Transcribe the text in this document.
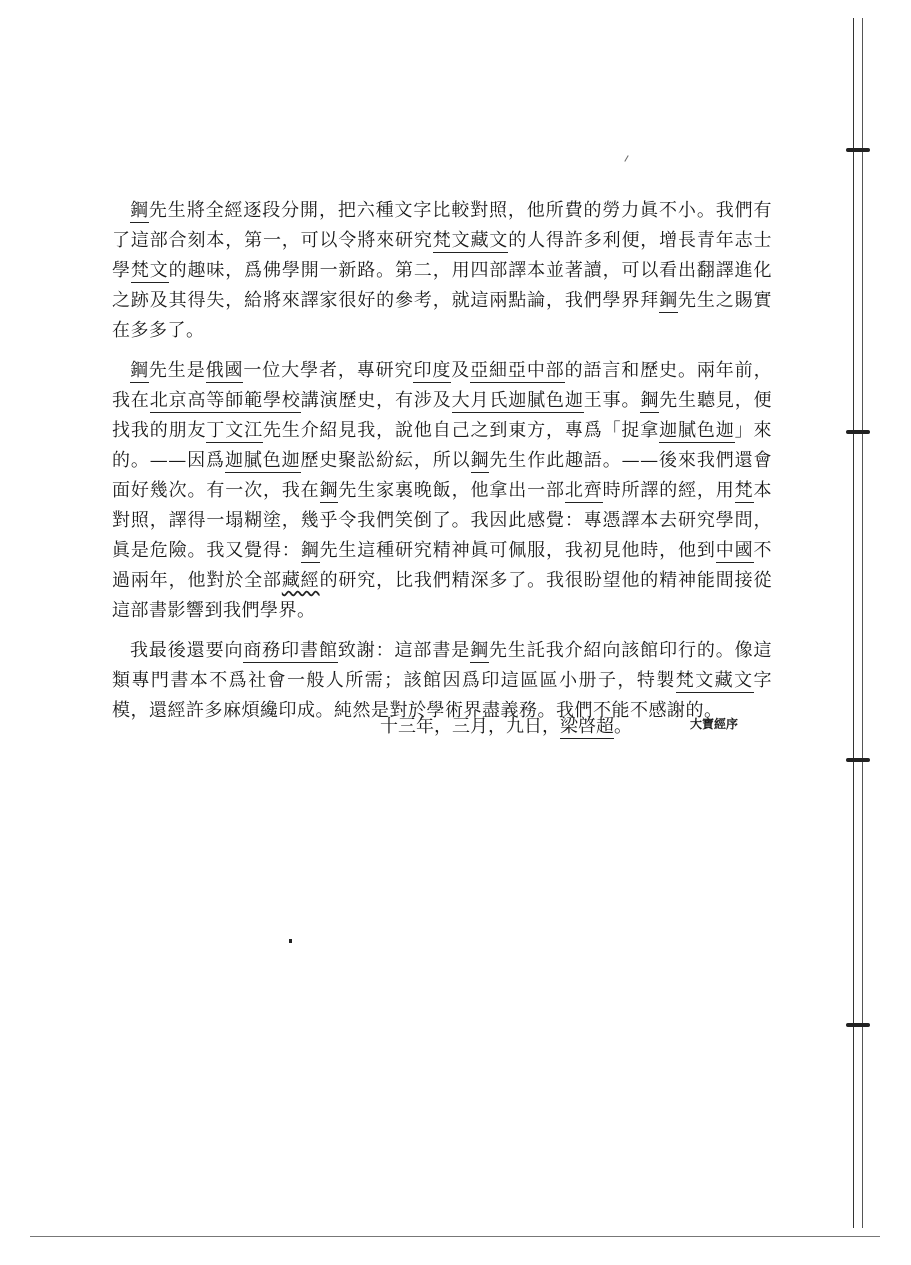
鋼先生將全經逐段分開，把六種文字比較對照，他所費的勞力眞不小。我們有了這部合刻本，第一，可以令將來研究梵文藏文的人得許多利便，增長青年志士學梵文的趣味，爲佛學開一新路。第二，用四部譯本並著讀，可以看出翻譯進化之跡及其得失，給將來譯家很好的參考，就這兩點論，我們學界拜鋼先生之賜實在多多了。

鋼先生是俄國一位大學者，專研究印度及亞細亞中部的語言和歷史。兩年前，我在北京高等師範學校講演歷史，有涉及大月氏迦膩色迦王事。鋼先生聽見，便找我的朋友丁文江先生介紹見我，說他自己之到東方，專爲「捉拿迦膩色迦」來的。——因爲迦膩色迦歷史聚訟紛紜，所以鋼先生作此趣語。——後來我們還會面好幾次。有一次，我在鋼先生家裏晚飯，他拿出一部北齊時所譯的經，用梵本對照，譯得一塌糊塗，幾乎令我們笑倒了。我因此感覺：專憑譯本去研究學問，眞是危險。我又覺得：鋼先生這種研究精神眞可佩服，我初見他時，他到中國不過兩年，他對於全部藏經的研究，比我們精深多了。我很盼望他的精神能間接從這部書影響到我們學界。

我最後還要向商務印書館致謝：這部書是鋼先生託我介紹向該館印行的。像這類專門書本不爲社會一般人所需；該館因爲印這區區小册子，特製梵文藏文字模，還經許多麻煩纔印成。純然是對於學術界盡義務。我們不能不感謝的。

十三年，三月，九日，梁啓超。	大寶經序
